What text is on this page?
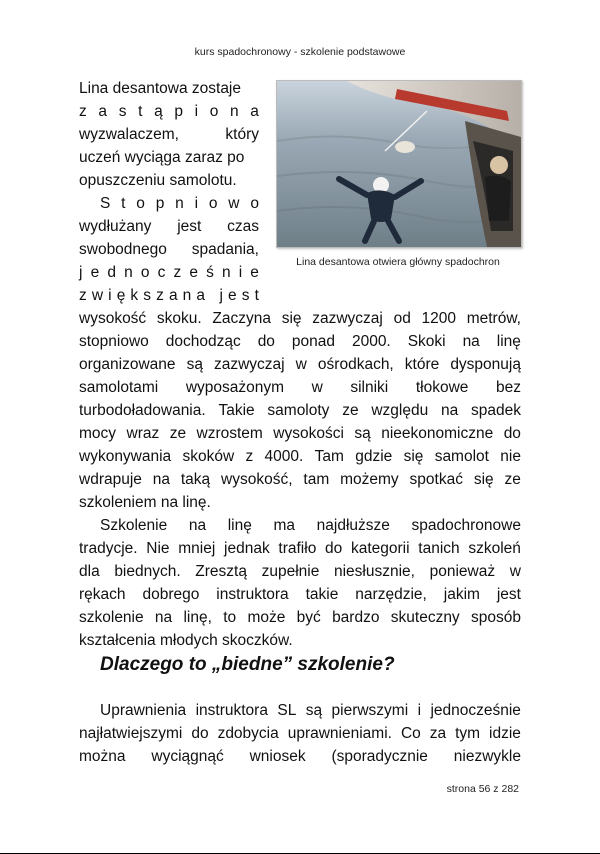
kurs spadochronowy - szkolenie podstawowe
Lina desantowa zostaje
z a s t ą p i o n a
wyzwalaczem,	który
uczeń wyciąga zaraz po
opuszczeniu samolotu.
S t o p n i o w o
wydłużany jest czas
swobodnego spadania,
j e d n o c z e ś n i e
z w i ę k s z a n a
j e s t
wysokość skoku. Zaczyna się zazwyczaj od 1200 metrów,
stopniowo dochodząc do ponad 2000. Skoki na linę
organizowane są zazwyczaj w ośrodkach, które dysponują
samolotami wyposażonym w silniki tłokowe bez
turbodoładowania. Takie samoloty ze względu na spadek
mocy wraz ze wzrostem wysokości są nieekonomiczne do
wykonywania skoków z 4000. Tam gdzie się samolot nie
wdrapuje na taką wysokość, tam możemy spotkać się ze
szkoleniem na linę.
Szkolenie na linę ma najdłuższe spadochronowe
tradycje. Nie mniej jednak trafiło do kategorii tanich szkoleń
dla biednych. Zresztą zupełnie niesłusznie, ponieważ w
rękach dobrego instruktora takie narzędzie, jakim jest
szkolenie na linę, to może być bardzo skuteczny sposób
kształcenia młodych skoczków.
Uprawnienia instruktora SL są pierwszymi i jednocześnie
najłatwiejszymi do zdobycia uprawnieniami. Co za tym idzie
można wyciągnąć wniosek (sporadycznie niezwykle
Dlaczego to „biedne” szkolenie?
Lina desantowa otwiera główny spadochron
strona 56 z 282
